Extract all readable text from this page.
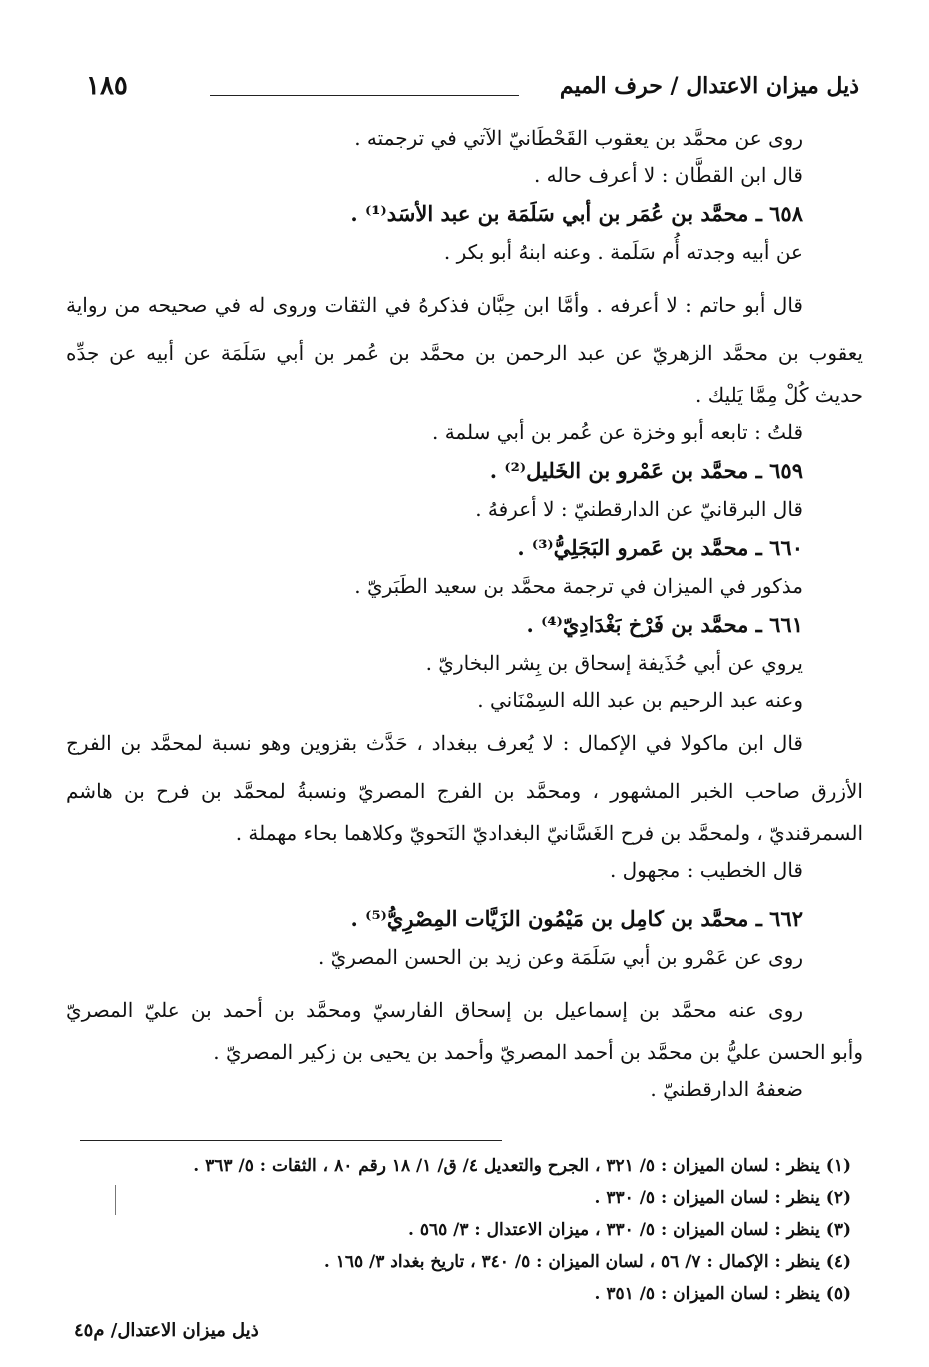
ذيل ميزان الاعتدال / حرف الميم
١٨٥
روى عن محمَّد بن يعقوب القَحْطَانيّ الآتي في ترجمته .
قال ابن القطَّان : لا أعرف حاله .
٦٥٨ ـ محمَّد بن عُمَر بن أبي سَلَمَة بن عبد الأسَد⁽¹⁾ .
عن أبيه وجدته أُم سَلَمة . وعنه ابنهُ أبو بكر .
قال أبو حاتم : لا أعرفه . وأمَّا ابن حِبَّان فذكرهُ في الثقات وروى له في صحيحه من رواية
يعقوب بن محمَّد الزهريّ عن عبد الرحمن بن محمَّد بن عُمر بن أبي سَلَمَة عن أبيه عن جدِّه
حديث كُلْ مِمَّا يَليك .
قلتُ : تابعه أبو وخزة عن عُمر بن أبي سلمة .
٦٥٩ ـ محمَّد بن عَمْرو بن الخَليل⁽²⁾ .
قال البرقانيّ عن الدارقطنيّ : لا أعرفهُ .
٦٦٠ ـ محمَّد بن عَمرو البَجَلِيُّ⁽³⁾ .
مذكور في الميزان في ترجمة محمَّد بن سعيد الطَبَريّ .
٦٦١ ـ محمَّد بن فَرْخ بَغْدَادِيّ⁽⁴⁾ .
يروي عن أبي حُذَيفة إسحاق بن بِشر البخاريّ .
وعنه عبد الرحيم بن عبد الله السِمْنَاني .
قال ابن ماكولا في الإكمال : لا يُعرف ببغداد ، حَدَّث بقزوين وهو نسبة لمحمَّد بن الفرج
الأزرق صاحب الخبر المشهور ، ومحمَّد بن الفرج المصريّ ونسبةُ لمحمَّد بن فرح بن هاشم
السمرقنديّ ، ولمحمَّد بن فرح الغَسَّانيّ البغداديّ النَحويّ وكلاهما بحاء مهملة .
قال الخطيب : مجهول .
٦٦٢ ـ محمَّد بن كامِل بن مَيْمُون الزَيَّات المِصْرِيُّ⁽⁵⁾ .
روى عن عَمْرو بن أبي سَلَمَة وعن زيد بن الحسن المصريّ .
روى عنه محمَّد بن إسماعيل بن إسحاق الفارسيّ ومحمَّد بن أحمد بن عليّ المصريّ
وأبو الحسن عليُّ بن محمَّد بن أحمد المصريّ وأحمد بن يحيى بن زكير المصريّ .
ضعفهُ الدارقطنيّ .
(١) ينظر : لسان الميزان : ٥/ ٣٢١ ، الجرح والتعديل ٤/ ق/ ١/ ١٨ رقم ٨٠ ، الثقات : ٥/ ٣٦٣ .
(٢) ينظر : لسان الميزان : ٥/ ٣٣٠ .
(٣) ينظر : لسان الميزان : ٥/ ٣٣٠ ، ميزان الاعتدال : ٣/ ٥٦٥ .
(٤) ينظر : الإكمال : ٧/ ٥٦ ، لسان الميزان : ٥/ ٣٤٠ ، تاريخ بغداد ٣/ ١٦٥ .
(٥) ينظر : لسان الميزان : ٥/ ٣٥١ .
ذيل ميزان الاعتدال/ م٤٥
